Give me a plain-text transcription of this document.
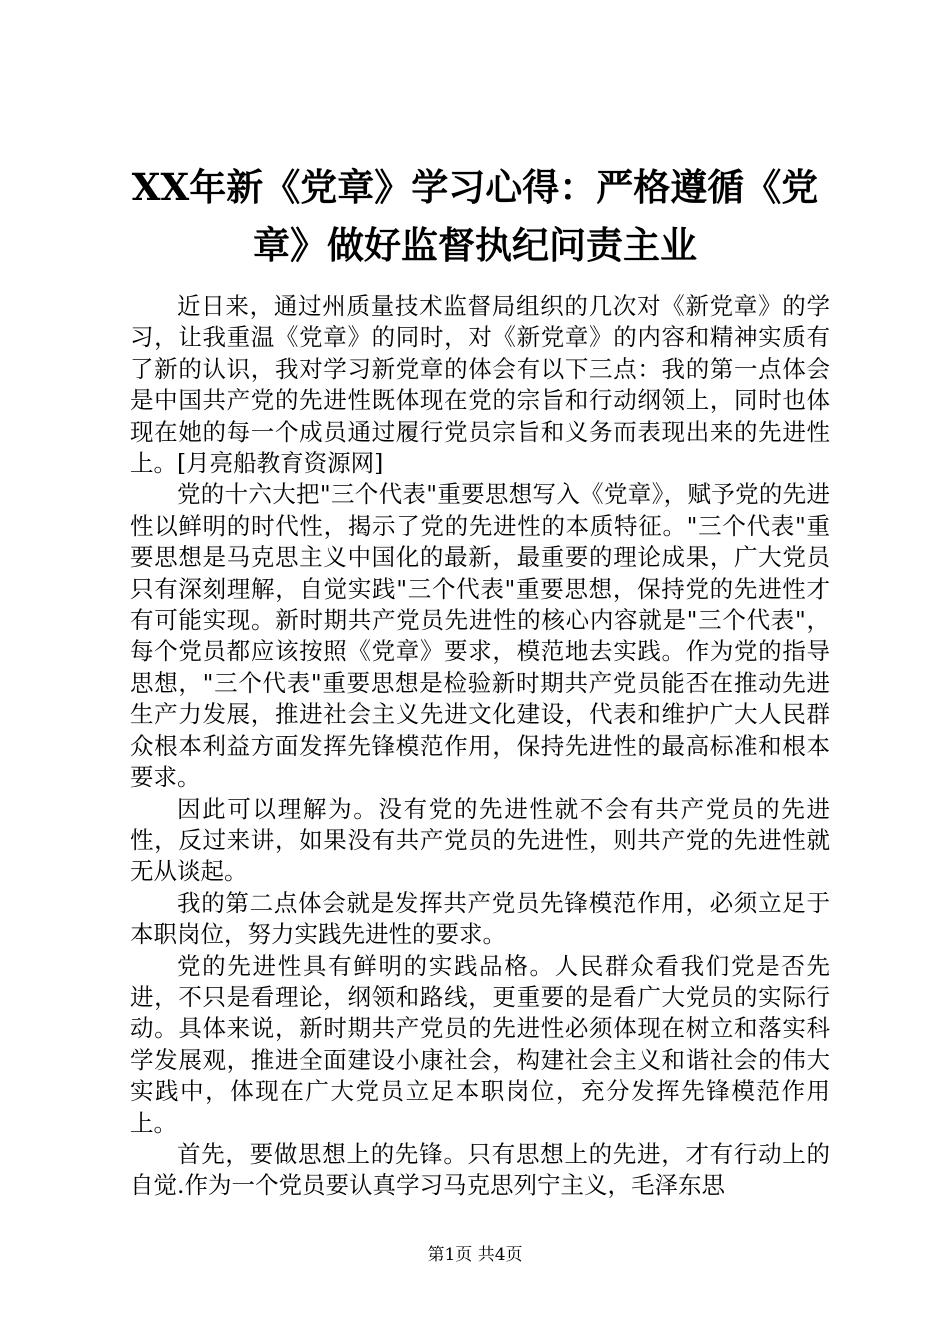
XX年新《党章》学习心得：严格遵循《党章》做好监督执纪问责主业

近日来，通过州质量技术监督局组织的几次对《新党章》的学习，让我重温《党章》的同时，对《新党章》的内容和精神实质有了新的认识，我对学习新党章的体会有以下三点：我的第一点体会是中国共产党的先进性既体现在党的宗旨和行动纲领上，同时也体现在她的每一个成员通过履行党员宗旨和义务而表现出来的先进性上。[月亮船教育资源网]

党的十六大把"三个代表"重要思想写入《党章》，赋予党的先进性以鲜明的时代性，揭示了党的先进性的本质特征。"三个代表"重要思想是马克思主义中国化的最新，最重要的理论成果，广大党员只有深刻理解，自觉实践"三个代表"重要思想，保持党的先进性才有可能实现。新时期共产党员先进性的核心内容就是"三个代表"，每个党员都应该按照《党章》要求，模范地去实践。作为党的指导思想，"三个代表"重要思想是检验新时期共产党员能否在推动先进生产力发展，推进社会主义先进文化建设，代表和维护广大人民群众根本利益方面发挥先锋模范作用，保持先进性的最高标准和根本要求。

因此可以理解为。没有党的先进性就不会有共产党员的先进性，反过来讲，如果没有共产党员的先进性，则共产党的先进性就无从谈起。

我的第二点体会就是发挥共产党员先锋模范作用，必须立足于本职岗位，努力实践先进性的要求。

党的先进性具有鲜明的实践品格。人民群众看我们党是否先进，不只是看理论，纲领和路线，更重要的是看广大党员的实际行动。具体来说，新时期共产党员的先进性必须体现在树立和落实科学发展观，推进全面建设小康社会，构建社会主义和谐社会的伟大实践中，体现在广大党员立足本职岗位，充分发挥先锋模范作用上。

首先，要做思想上的先锋。只有思想上的先进，才有行动上的自觉.作为一个党员要认真学习马克思列宁主义，毛泽东思

第1页 共4页
